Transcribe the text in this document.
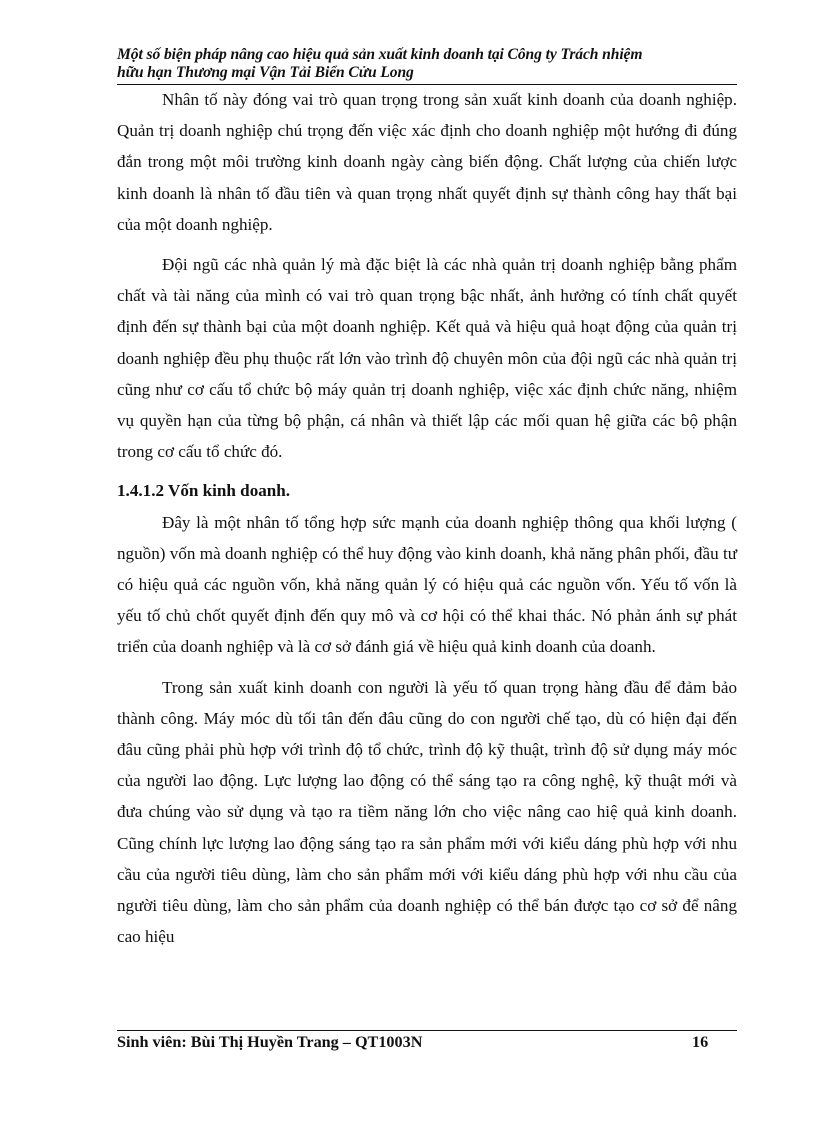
Một số biện pháp nâng cao hiệu quả sản xuất kinh doanh tại Công ty Trách nhiệm
hữu hạn Thương mại Vận Tải Biển Cửu Long

Nhân tố này đóng vai trò quan trọng trong sản xuất kinh doanh của doanh nghiệp. Quản trị doanh nghiệp chú trọng đến việc xác định cho doanh nghiệp một hướng đi đúng đắn trong một môi trường kinh doanh ngày càng biến động. Chất lượng của chiến lược kinh doanh là nhân tố đầu tiên và quan trọng nhất quyết định sự thành công hay thất bại của một doanh nghiệp.

Đội ngũ các nhà quản lý mà đặc biệt là các nhà quản trị doanh nghiệp bằng phẩm chất và tài năng của mình có vai trò quan trọng bậc nhất, ảnh hưởng có tính chất quyết định đến sự thành bại của một doanh nghiệp. Kết quả và hiệu quả hoạt động của quản trị doanh nghiệp đều phụ thuộc rất lớn vào trình độ chuyên môn của đội ngũ các nhà quản trị cũng như cơ cấu tổ chức bộ máy quản trị doanh nghiệp, việc xác định chức năng, nhiệm vụ quyền hạn của từng bộ phận, cá nhân và thiết lập các mối quan hệ giữa các bộ phận trong cơ cấu tổ chức đó.

1.4.1.2 Vốn kinh doanh.

Đây là một nhân tố tổng hợp sức mạnh của doanh nghiệp thông qua khối lượng ( nguồn) vốn mà doanh nghiệp có thể huy động vào kinh doanh, khả năng phân phối, đầu tư có hiệu quả các nguồn vốn, khả năng quản lý có hiệu quả các nguồn vốn. Yếu tố vốn là yếu tố chủ chốt quyết định đến quy mô và cơ hội có thể khai thác. Nó phản ánh sự phát triển của doanh nghiệp và là cơ sở đánh giá về hiệu quả kinh doanh của doanh.

Trong sản xuất kinh doanh con người là yếu tố quan trọng hàng đầu để đảm bảo thành công. Máy móc dù tối tân đến đâu cũng do con người chế tạo, dù có hiện đại đến đâu cũng phải phù hợp với trình độ tổ chức, trình độ kỹ thuật, trình độ sử dụng máy móc của người lao động. Lực lượng lao động có thể sáng tạo ra công nghệ, kỹ thuật mới và đưa chúng vào sử dụng và tạo ra tiềm năng lớn cho việc nâng cao hiệ quả kinh doanh. Cũng chính lực lượng lao động sáng tạo ra sản phẩm mới với kiểu dáng phù hợp với nhu cầu của người tiêu dùng, làm cho sản phẩm mới với kiểu dáng phù hợp với nhu cầu của người tiêu dùng, làm cho sản phẩm của doanh nghiệp có thể bán được tạo cơ sở để nâng cao hiệu

Sinh viên: Bùi Thị Huyền Trang – QT1003N	16
